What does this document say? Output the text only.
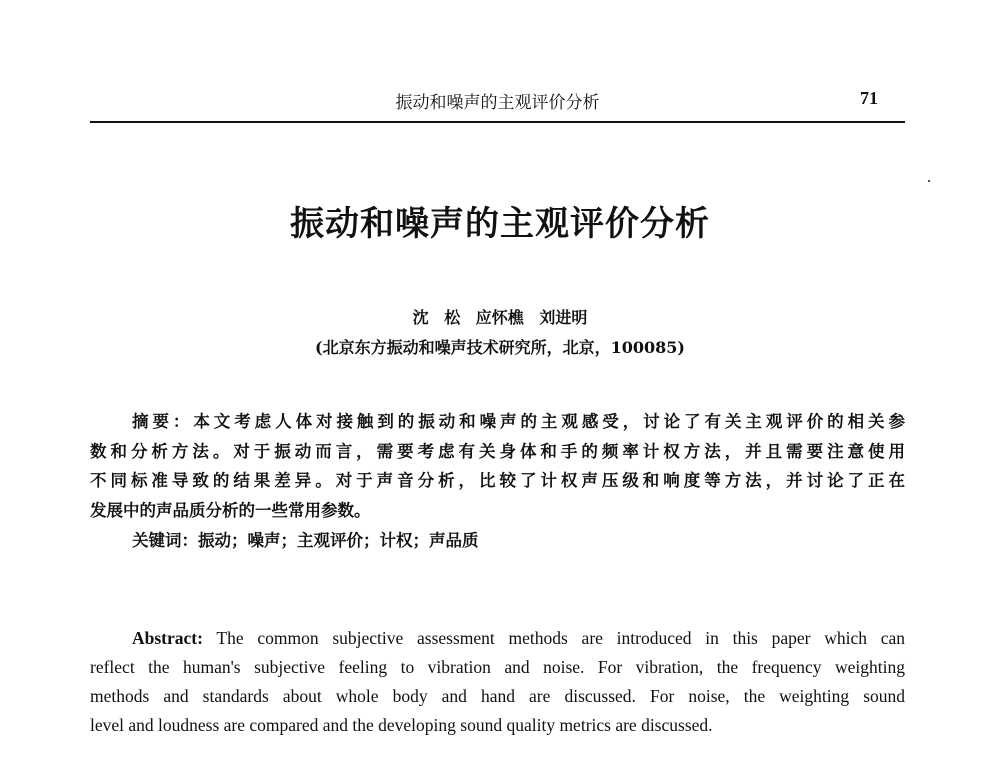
振动和噪声的主观评价分析	71
振动和噪声的主观评价分析
沈 松 应怀樵 刘进明
(北京东方振动和噪声技术研究所，北京，100085)
摘要：本文考虑人体对接触到的振动和噪声的主观感受，讨论了有关主观评价的相关参
数和分析方法。对于振动而言，需要考虑有关身体和手的频率计权方法，并且需要注意使用
不同标准导致的结果差异。对于声音分析，比较了计权声压级和响度等方法，并讨论了正在
发展中的声品质分析的一些常用参数。
关键词：振动；噪声；主观评价；计权；声品质
Abstract: The common subjective assessment methods are introduced in this paper which can
reflect the human's subjective feeling to vibration and noise. For vibration, the frequency weighting
methods and standards about whole body and hand are discussed. For noise, the weighting sound
level and loudness are compared and the developing sound quality metrics are discussed.
